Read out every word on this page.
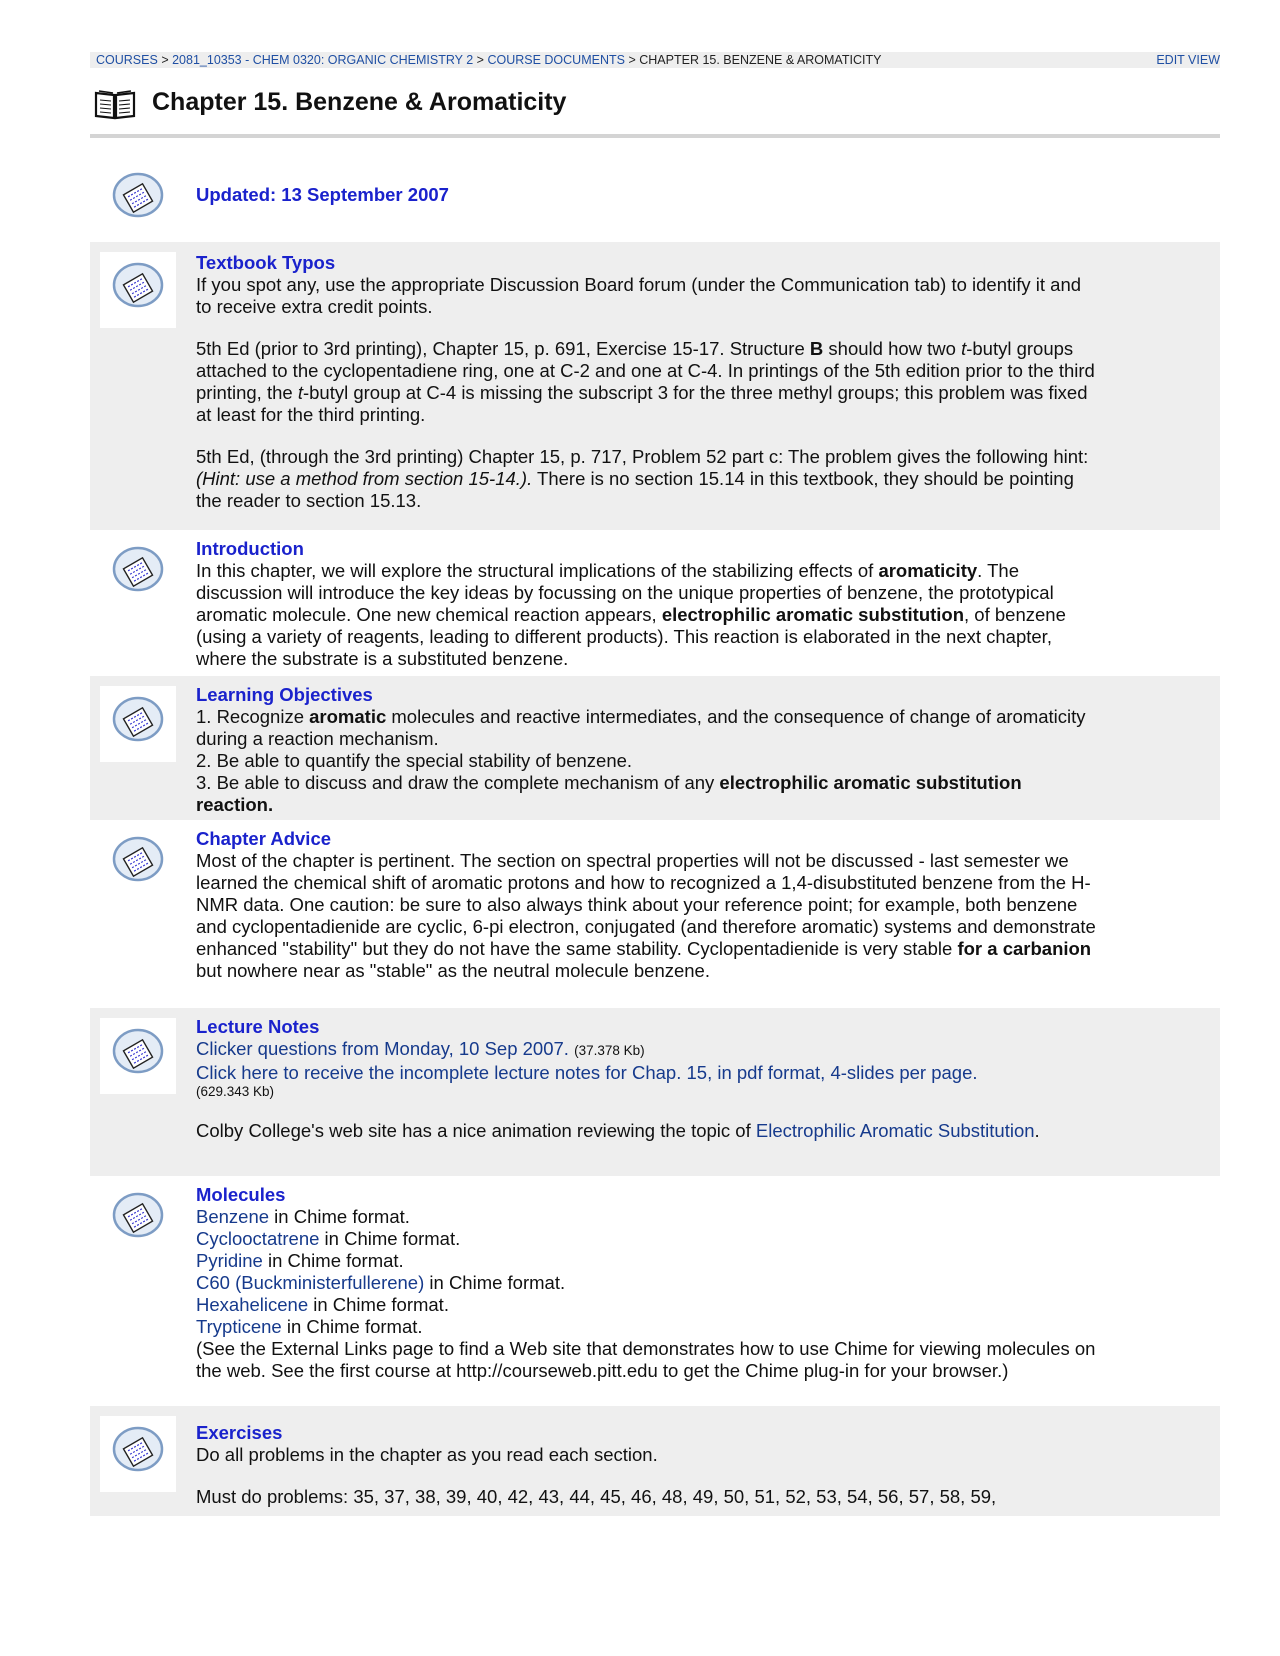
COURSES > 2081_10353 - CHEM 0320: ORGANIC CHEMISTRY 2 > COURSE DOCUMENTS > CHAPTER 15. BENZENE & AROMATICITY	EDIT VIEW
Chapter 15. Benzene & Aromaticity
Updated: 13 September 2007
Textbook Typos

If you spot any, use the appropriate Discussion Board forum (under the Communication tab) to identify it and to receive extra credit points.

5th Ed (prior to 3rd printing), Chapter 15, p. 691, Exercise 15-17. Structure B should how two t-butyl groups attached to the cyclopentadiene ring, one at C-2 and one at C-4. In printings of the 5th edition prior to the third printing, the t-butyl group at C-4 is missing the subscript 3 for the three methyl groups; this problem was fixed at least for the third printing.

5th Ed, (through the 3rd printing) Chapter 15, p. 717, Problem 52 part c: The problem gives the following hint: (Hint: use a method from section 15-14.). There is no section 15.14 in this textbook, they should be pointing the reader to section 15.13.

Introduction

In this chapter, we will explore the structural implications of the stabilizing effects of aromaticity. The discussion will introduce the key ideas by focussing on the unique properties of benzene, the prototypical aromatic molecule. One new chemical reaction appears, electrophilic aromatic substitution, of benzene (using a variety of reagents, leading to different products). This reaction is elaborated in the next chapter, where the substrate is a substituted benzene.

Learning Objectives

1. Recognize aromatic molecules and reactive intermediates, and the consequence of change of aromaticity during a reaction mechanism.

2. Be able to quantify the special stability of benzene.

3. Be able to discuss and draw the complete mechanism of any electrophilic aromatic substitution reaction.

Chapter Advice

Most of the chapter is pertinent. The section on spectral properties will not be discussed - last semester we learned the chemical shift of aromatic protons and how to recognized a 1,4-disubstituted benzene from the H-NMR data. One caution: be sure to also always think about your reference point; for example, both benzene and cyclopentadienide are cyclic, 6-pi electron, conjugated (and therefore aromatic) systems and demonstrate enhanced "stability" but they do not have the same stability. Cyclopentadienide is very stable for a carbanion but nowhere near as "stable" as the neutral molecule benzene.

Lecture Notes

Clicker questions from Monday, 10 Sep 2007. (37.378 Kb)

Click here to receive the incomplete lecture notes for Chap. 15, in pdf format, 4-slides per page.

(629.343 Kb)

Colby College's web site has a nice animation reviewing the topic of Electrophilic Aromatic Substitution.

Molecules

Benzene in Chime format.

Cyclooctatrene in Chime format.

Pyridine in Chime format.

C60 (Buckministerfullerene) in Chime format.

Hexahelicene in Chime format.

Trypticene in Chime format.

(See the External Links page to find a Web site that demonstrates how to use Chime for viewing molecules on the web. See the first course at http://courseweb.pitt.edu to get the Chime plug-in for your browser.)

Exercises

Do all problems in the chapter as you read each section.

Must do problems: 35, 37, 38, 39, 40, 42, 43, 44, 45, 46, 48, 49, 50, 51, 52, 53, 54, 56, 57, 58, 59,
